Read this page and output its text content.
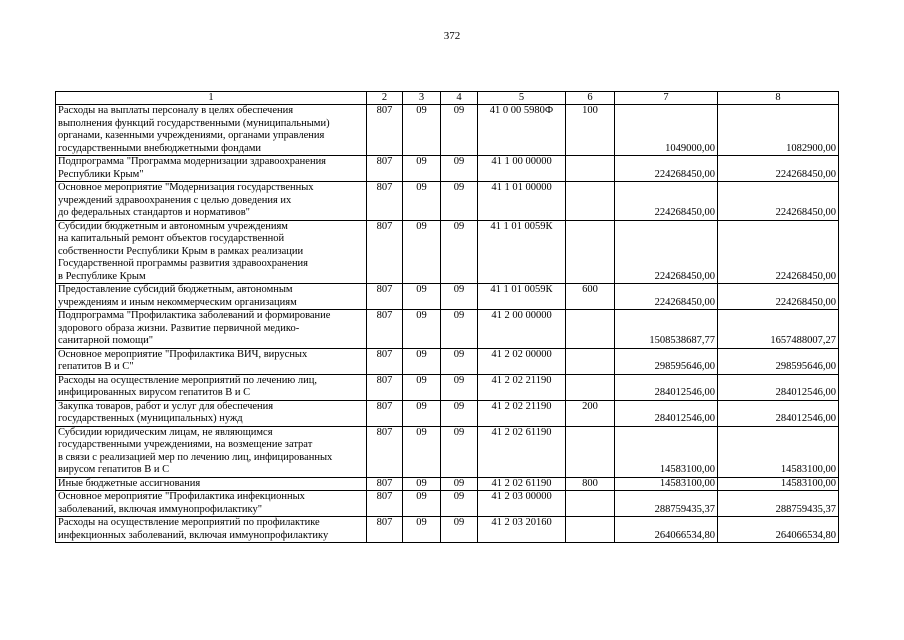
372
1	2	3	4	5	6	7	8
Расходы на выплаты персоналу в целях обеспечения
выполнения функций государственными (муниципальными)
органами, казенными учреждениями, органами управления
государственными внебюджетными фондами	807	09	09	41 0 00 5980Ф	100	1049000,00	1082900,00
Подпрограмма "Программа модернизации здравоохранения
Республики Крым"	807	09	09	41 1 00 00000		224268450,00	224268450,00
Основное мероприятие "Модернизация государственных
учреждений здравоохранения с целью доведения их
до федеральных стандартов и нормативов"	807	09	09	41 1 01 00000		224268450,00	224268450,00
Субсидии бюджетным и автономным учреждениям
на капитальный ремонт объектов государственной
собственности Республики Крым в рамках реализации
Государственной программы развития здравоохранения
в Республике Крым	807	09	09	41 1 01 0059К		224268450,00	224268450,00
Предоставление субсидий бюджетным, автономным
учреждениям и иным некоммерческим организациям	807	09	09	41 1 01 0059К	600	224268450,00	224268450,00
Подпрограмма "Профилактика заболеваний и формирование
здорового образа жизни. Развитие первичной медико-
санитарной помощи"	807	09	09	41 2 00 00000		1508538687,77	1657488007,27
Основное мероприятие "Профилактика ВИЧ, вирусных
гепатитов В и С"	807	09	09	41 2 02 00000		298595646,00	298595646,00
Расходы на осуществление мероприятий по лечению лиц,
инфицированных вирусом гепатитов В и С	807	09	09	41 2 02 21190		284012546,00	284012546,00
Закупка товаров, работ и услуг для обеспечения
государственных (муниципальных) нужд	807	09	09	41 2 02 21190	200	284012546,00	284012546,00
Субсидии юридическим лицам, не являющимся
государственными учреждениями, на возмещение затрат
в связи с реализацией мер по лечению лиц, инфицированных
вирусом гепатитов В и С	807	09	09	41 2 02 61190		14583100,00	14583100,00
Иные бюджетные ассигнования	807	09	09	41 2 02 61190	800	14583100,00	14583100,00
Основное мероприятие "Профилактика инфекционных
заболеваний, включая иммунопрофилактику"	807	09	09	41 2 03 00000		288759435,37	288759435,37
Расходы на осуществление мероприятий по профилактике
инфекционных заболеваний, включая иммунопрофилактику	807	09	09	41 2 03 20160		264066534,80	264066534,80
